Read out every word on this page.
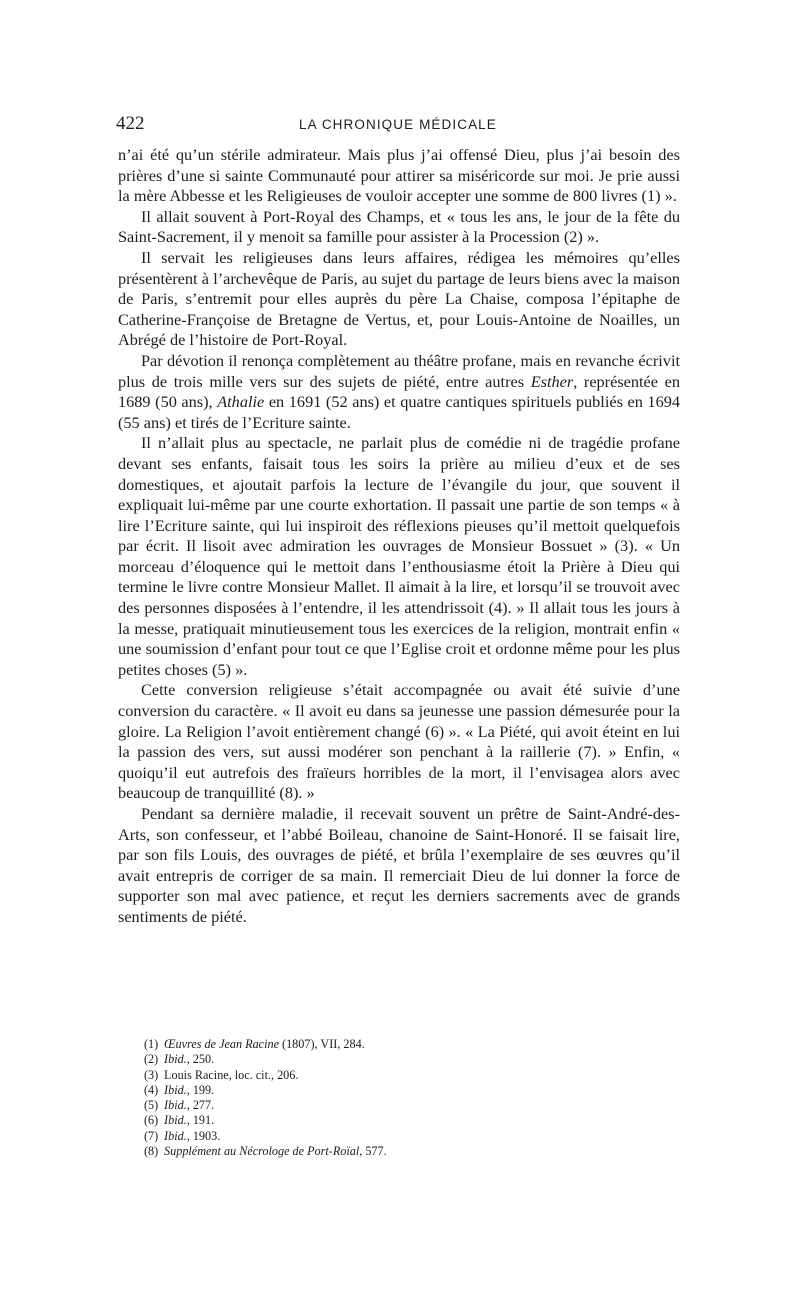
422	LA CHRONIQUE MÉDICALE

n’ai été qu’un stérile admirateur. Mais plus j’ai offensé Dieu, plus j’ai besoin des prières d’une si sainte Communauté pour attirer sa miséricorde sur moi. Je prie aussi la mère Abbesse et les Religieuses de vouloir accepter une somme de 800 livres (1) ».

Il allait souvent à Port-Royal des Champs, et « tous les ans, le jour de la fête du Saint-Sacrement, il y menoit sa famille pour assister à la Procession (2) ».

Il servait les religieuses dans leurs affaires, rédigea les mémoires qu’elles présentèrent à l’archevêque de Paris, au sujet du partage de leurs biens avec la maison de Paris, s’entremit pour elles auprès du père La Chaise, composa l’épitaphe de Catherine-Françoise de Bretagne de Vertus, et, pour Louis-Antoine de Noailles, un Abrégé de l’histoire de Port-Royal.

Par dévotion il renonça complètement au théâtre profane, mais en revanche écrivit plus de trois mille vers sur des sujets de piété, entre autres Esther, représentée en 1689 (50 ans), Athalie en 1691 (52 ans) et quatre cantiques spirituels publiés en 1694 (55 ans) et tirés de l’Ecriture sainte.

Il n’allait plus au spectacle, ne parlait plus de comédie ni de tragédie profane devant ses enfants, faisait tous les soirs la prière au milieu d’eux et de ses domestiques, et ajoutait parfois la lecture de l’évangile du jour, que souvent il expliquait lui-même par une courte exhortation. Il passait une partie de son temps « à lire l’Ecriture sainte, qui lui inspiroit des réflexions pieuses qu’il mettoit quelquefois par écrit. Il lisoit avec admiration les ouvrages de Monsieur Bossuet » (3). « Un morceau d’éloquence qui le mettoit dans l’enthousiasme étoit la Prière à Dieu qui termine le livre contre Monsieur Mallet. Il aimait à la lire, et lorsqu’il se trouvoit avec des personnes disposées à l’entendre, il les attendrissoit (4). » Il allait tous les jours à la messe, pratiquait minutieusement tous les exercices de la religion, montrait enfin « une soumission d’enfant pour tout ce que l’Eglise croit et ordonne même pour les plus petites choses (5) ».

Cette conversion religieuse s’était accompagnée ou avait été suivie d’une conversion du caractère. « Il avoit eu dans sa jeunesse une passion démesurée pour la gloire. La Religion l’avoit entièrement changé (6) ». « La Piété, qui avoit éteint en lui la passion des vers, sut aussi modérer son penchant à la raillerie (7). » Enfin, « quoiqu’il eut autrefois des fraïeurs horribles de la mort, il l’envisagea alors avec beaucoup de tranquillité (8). »

Pendant sa dernière maladie, il recevait souvent un prêtre de Saint-André-des-Arts, son confesseur, et l’abbé Boileau, chanoine de Saint-Honoré. Il se faisait lire, par son fils Louis, des ouvrages de piété, et brûla l’exemplaire de ses œuvres qu’il avait entrepris de corriger de sa main. Il remerciait Dieu de lui donner la force de supporter son mal avec patience, et reçut les derniers sacrements avec de grands sentiments de piété.

(1) Œuvres de Jean Racine (1807), VII, 284.
(2) Ibid., 250.
(3) Louis Racine, loc. cit., 206.
(4) Ibid., 199.
(5) Ibid., 277.
(6) Ibid., 191.
(7) Ibid., 1903.
(8) Supplément au Nécrologe de Port-Roïal, 577.
